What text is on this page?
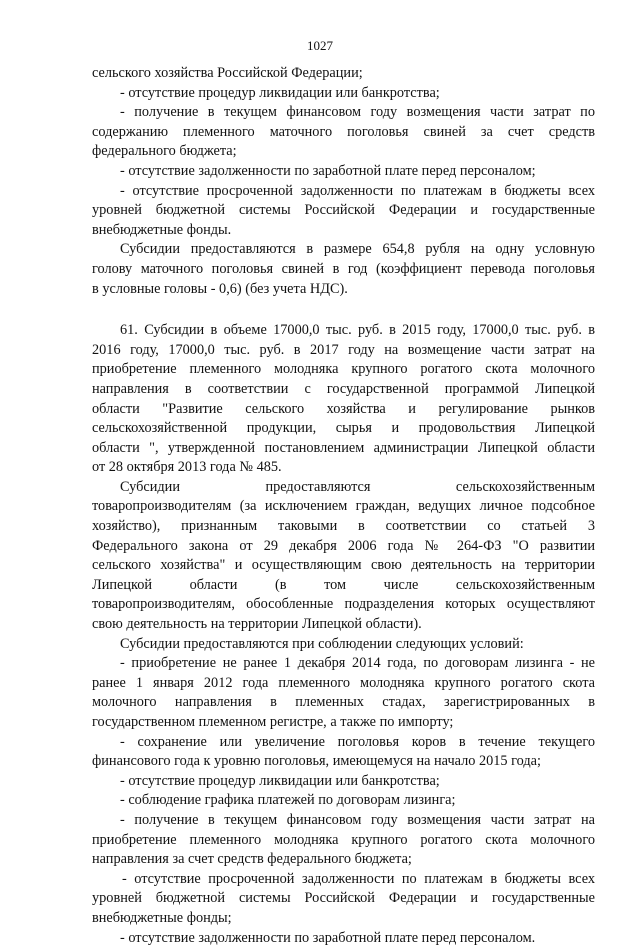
1027
сельского хозяйства Российской Федерации;
- отсутствие процедур ликвидации или банкротства;
- получение в текущем финансовом году возмещения части затрат по
содержанию племенного маточного поголовья свиней за счет средств
федерального бюджета;
- отсутствие задолженности по заработной плате перед персоналом;
- отсутствие просроченной задолженности по платежам в бюджеты всех
уровней бюджетной системы Российской Федерации и государственные
внебюджетные фонды.
Субсидии предоставляются в размере 654,8 рубля на одну условную
голову маточного поголовья свиней в год (коэффициент перевода поголовья
в условные головы - 0,6) (без учета НДС).
61. Субсидии в объеме 17000,0 тыс. руб. в 2015 году, 17000,0 тыс. руб. в
2016 году, 17000,0 тыс. руб. в 2017 году на возмещение части затрат на
приобретение племенного молодняка крупного рогатого скота молочного
направления в соответствии с государственной программой Липецкой
области "Развитие сельского хозяйства и регулирование рынков
сельскохозяйственной продукции, сырья и продовольствия Липецкой
области ", утвержденной постановлением администрации Липецкой области
от 28 октября 2013 года № 485.
Субсидии предоставляются сельскохозяйственным
товаропроизводителям (за исключением граждан, ведущих личное подсобное
хозяйство), признанным таковыми в соответствии со статьей 3
Федерального закона от 29 декабря 2006 года № 264-ФЗ "О развитии
сельского хозяйства" и осуществляющим свою деятельность на территории
Липецкой области (в том числе сельскохозяйственным
товаропроизводителям, обособленные подразделения которых осуществляют
свою деятельность на территории Липецкой области).
Субсидии предоставляются при соблюдении следующих условий:
- приобретение не ранее 1 декабря 2014 года, по договорам лизинга - не
ранее 1 января 2012 года племенного молодняка крупного рогатого скота
молочного направления в племенных стадах, зарегистрированных в
государственном племенном регистре, а также по импорту;
- сохранение или увеличение поголовья коров в течение текущего
финансового года к уровню поголовья, имеющемуся на начало 2015 года;
- отсутствие процедур ликвидации или банкротства;
- соблюдение графика платежей по договорам лизинга;
- получение в текущем финансовом году возмещения части затрат на
приобретение племенного молодняка крупного рогатого скота молочного
направления за счет средств федерального бюджета;
- отсутствие просроченной задолженности по платежам в бюджеты всех
уровней бюджетной системы Российской Федерации и государственные
внебюджетные фонды;
- отсутствие задолженности по заработной плате перед персоналом.
